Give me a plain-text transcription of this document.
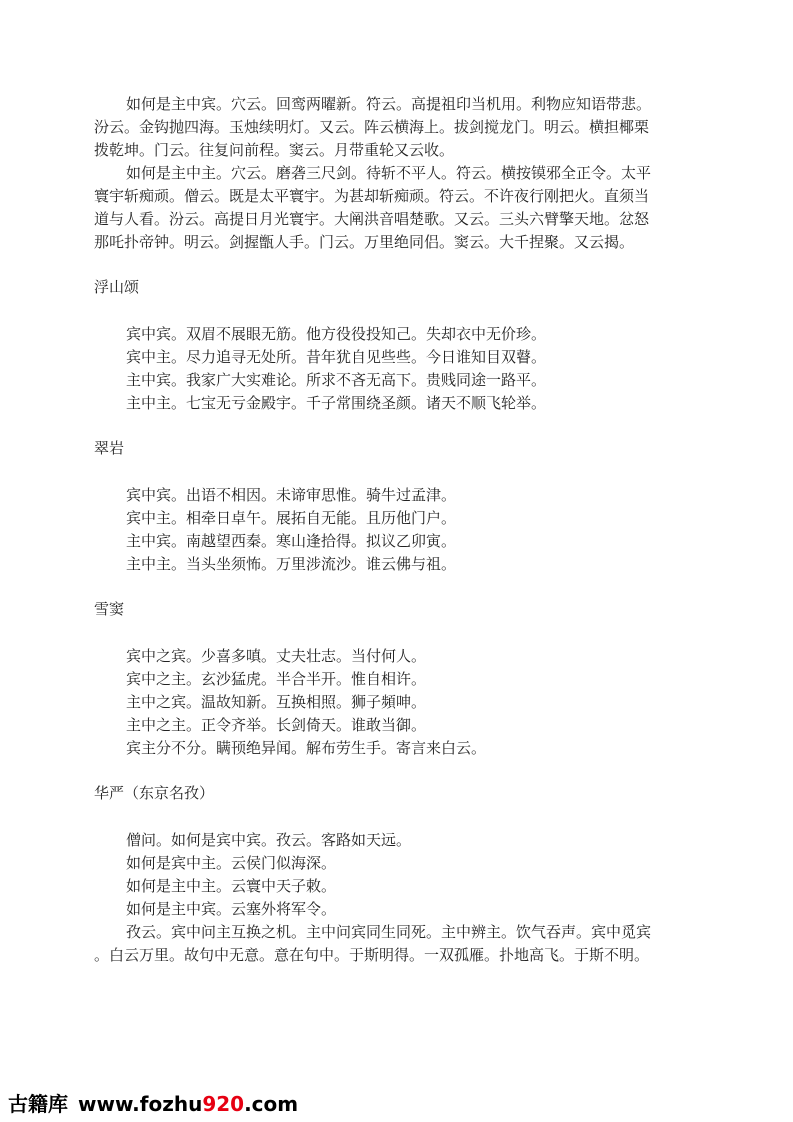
如何是主中宾。穴云。回鸾两曜新。符云。高提祖印当机用。利物应知语带悲。
汾云。金钩抛四海。玉烛续明灯。又云。阵云横海上。拔剑搅龙门。明云。横担椰栗
拨乾坤。门云。往复问前程。窦云。月带重轮又云收。
如何是主中主。穴云。磨砻三尺剑。待斩不平人。符云。横按镆邪全正令。太平
寰宇斩痴顽。僧云。既是太平寰宇。为甚却斩痴顽。符云。不许夜行刚把火。直须当
道与人看。汾云。高提日月光寰宇。大阐洪音唱楚歌。又云。三头六臂擎天地。忿怒
那吒扑帝钟。明云。剑握甑人手。门云。万里绝同侣。窦云。大千捏聚。又云揭。
浮山颂
宾中宾。双眉不展眼无筋。他方役役投知己。失却衣中无价珍。
宾中主。尽力追寻无处所。昔年犹自见些些。今日谁知目双瞽。
主中宾。我家广大实难论。所求不吝无高下。贵贱同途一路平。
主中主。七宝无亏金殿宇。千子常围绕圣颜。诸天不顺飞轮举。
翠岩
宾中宾。出语不相因。未谛审思惟。骑牛过孟津。
宾中主。相牵日卓午。展拓自无能。且历他门户。
主中宾。南越望西秦。寒山逢拾得。拟议乙卯寅。
主中主。当头坐须怖。万里涉流沙。谁云佛与祖。
雪窦
宾中之宾。少喜多嗔。丈夫壮志。当付何人。
宾中之主。玄沙猛虎。半合半开。惟自相许。
主中之宾。温故知新。互换相照。狮子頻呻。
主中之主。正令齐举。长剑倚天。谁敢当御。
宾主分不分。瞒顸绝异闻。解布劳生手。寄言来白云。
华严（东京名孜）
僧问。如何是宾中宾。孜云。客路如天远。
如何是宾中主。云侯门似海深。
如何是主中主。云寰中天子敕。
如何是主中宾。云塞外将军令。
孜云。宾中问主互换之机。主中问宾同生同死。主中辨主。饮气吞声。宾中觅宾
。白云万里。故句中无意。意在句中。于斯明得。一双孤雁。扑地高飞。于斯不明。
古籍库 www.fozhu920.com
